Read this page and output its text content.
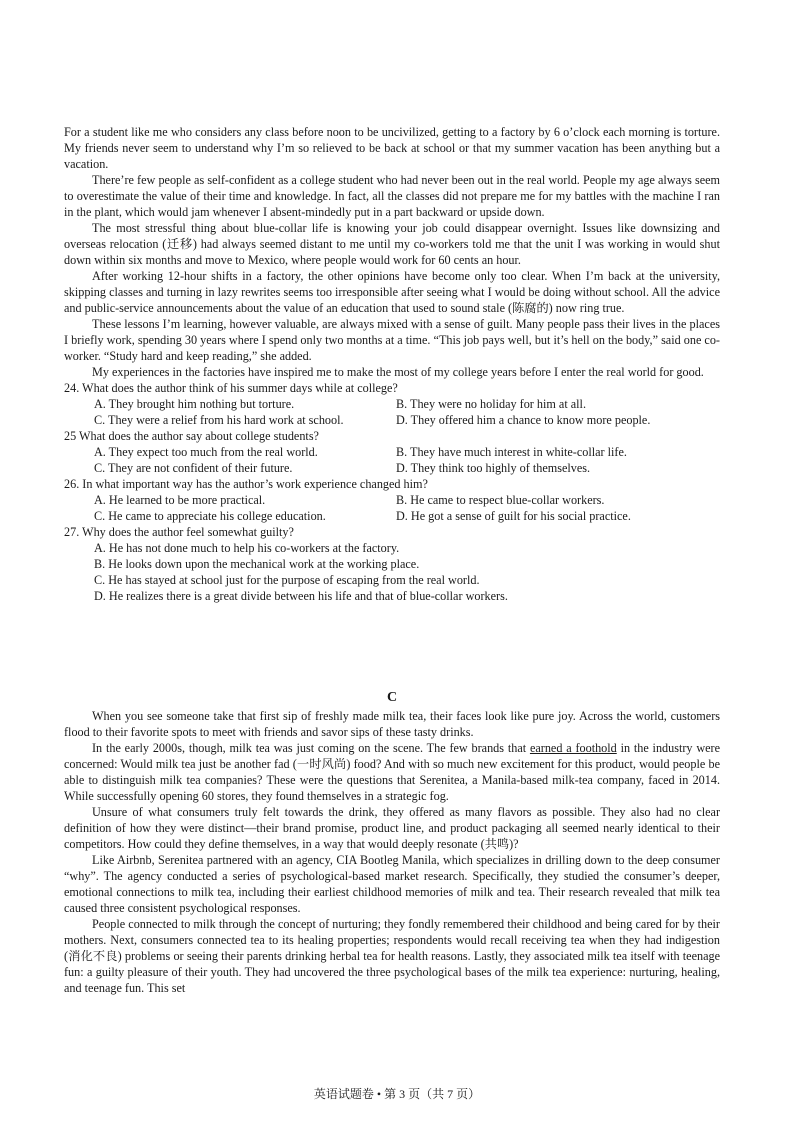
For a student like me who considers any class before noon to be uncivilized, getting to a factory by 6 o’clock each morning is torture. My friends never seem to understand why I’m so relieved to be back at school or that my summer vacation has been anything but a vacation.

There’re few people as self-confident as a college student who had never been out in the real world. People my age always seem to overestimate the value of their time and knowledge. In fact, all the classes did not prepare me for my battles with the machine I ran in the plant, which would jam whenever I absent-mindedly put in a part backward or upside down.

The most stressful thing about blue-collar life is knowing your job could disappear overnight. Issues like downsizing and overseas relocation (迁移) had always seemed distant to me until my co-workers told me that the unit I was working in would shut down within six months and move to Mexico, where people would work for 60 cents an hour.

After working 12-hour shifts in a factory, the other opinions have become only too clear. When I’m back at the university, skipping classes and turning in lazy rewrites seems too irresponsible after seeing what I would be doing without school. All the advice and public-service announcements about the value of an education that used to sound stale (陈腐的) now ring true.

These lessons I’m learning, however valuable, are always mixed with a sense of guilt. Many people pass their lives in the places I briefly work, spending 30 years where I spend only two months at a time. “This job pays well, but it’s hell on the body,” said one co-worker. “Study hard and keep reading,” she added.

My experiences in the factories have inspired me to make the most of my college years before I enter the real world for good.

24. What does the author think of his summer days while at college?

A. They brought him nothing but torture.	B. They were no holiday for him at all.
C. They were a relief from his hard work at school.	D. They offered him a chance to know more people.

25 What does the author say about college students?

A. They expect too much from the real world.	B. They have much interest in white-collar life.
C. They are not confident of their future.	D. They think too highly of themselves.

26. In what important way has the author’s work experience changed him?

A. He learned to be more practical.	B. He came to respect blue-collar workers.
C. He came to appreciate his college education.	D. He got a sense of guilt for his social practice.

27. Why does the author feel somewhat guilty?

A. He has not done much to help his co-workers at the factory.
B. He looks down upon the mechanical work at the working place.
C. He has stayed at school just for the purpose of escaping from the real world.
D. He realizes there is a great divide between his life and that of blue-collar workers.

C

When you see someone take that first sip of freshly made milk tea, their faces look like pure joy. Across the world, customers flood to their favorite spots to meet with friends and savor sips of these tasty drinks.

In the early 2000s, though, milk tea was just coming on the scene. The few brands that earned a foothold in the industry were concerned: Would milk tea just be another fad (一时风尚) food? And with so much new excitement for this product, would people be able to distinguish milk tea companies? These were the questions that Serenitea, a Manila-based milk-tea company, faced in 2014. While successfully opening 60 stores, they found themselves in a strategic fog.

Unsure of what consumers truly felt towards the drink, they offered as many flavors as possible. They also had no clear definition of how they were distinct—their brand promise, product line, and product packaging all seemed nearly identical to their competitors. How could they define themselves, in a way that would deeply resonate (共鸣)?

Like Airbnb, Serenitea partnered with an agency, CIA Bootleg Manila, which specializes in drilling down to the deep consumer “why”. The agency conducted a series of psychological-based market research. Specifically, they studied the consumer’s deeper, emotional connections to milk tea, including their earliest childhood memories of milk and tea. Their research revealed that milk tea caused three consistent psychological responses.

People connected to milk through the concept of nurturing; they fondly remembered their childhood and being cared for by their mothers. Next, consumers connected tea to its healing properties; respondents would recall receiving tea when they had indigestion (消化不良) problems or seeing their parents drinking herbal tea for health reasons. Lastly, they associated milk tea itself with teenage fun: a guilty pleasure of their youth. They had uncovered the three psychological bases of the milk tea experience: nurturing, healing, and teenage fun. This set

英语试题卷 • 第 3 页（共 7 页）
